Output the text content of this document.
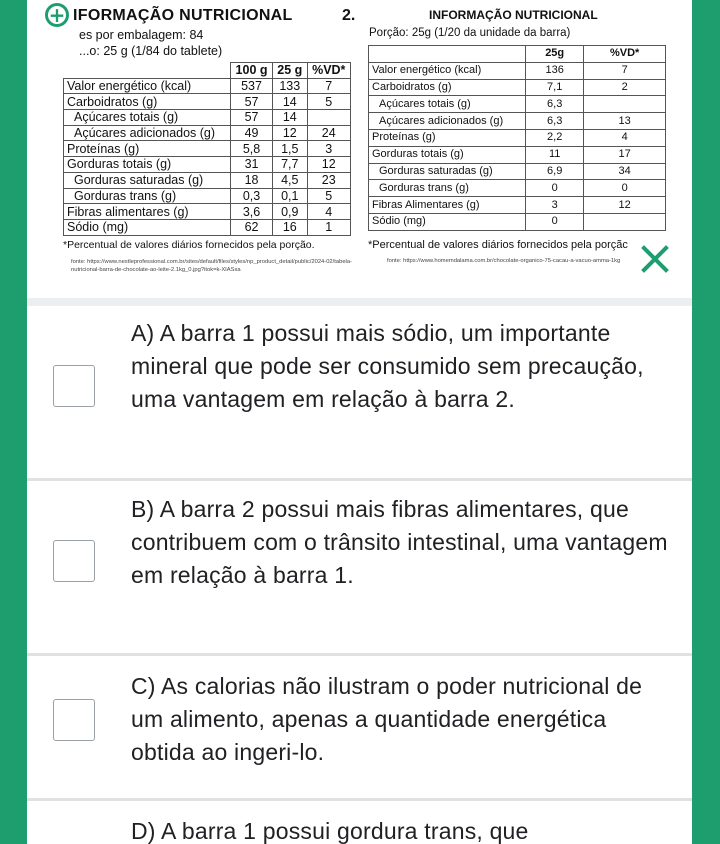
+ IFORMAÇÃO NUTRICIONAL
es por embalagem: 84
...o: 25 g (1/84 do tablete)
	100 g	25 g	%VD*
Valor energético (kcal)	537	133	7
Carboidratos (g)	57	14	5
Açúcares totais (g)	57	14	
Açúcares adicionados (g)	49	12	24
Proteínas (g)	5,8	1,5	3
Gorduras totais (g)	31	7,7	12
Gorduras saturadas (g)	18	4,5	23
Gorduras trans (g)	0,3	0,1	5
Fibras alimentares (g)	3,6	0,9	4
Sódio (mg)	62	16	1
*Percentual de valores diários fornecidos pela porção.
fonte: https://www.nestleprofessional.com.br/sites/default/files/styles/np_product_detail/public/2024-02/tabela-nutricional-barra-de-chocolate-ao-leite-2.1kg_0.jpg?itok=k-XIASxa
2.	INFORMAÇÃO NUTRICIONAL
Porção: 25g (1/20 da unidade da barra)
	25g	%VD*
Valor energético (kcal)	136	7
Carboidratos (g)	7,1	2
Açúcares totais (g)	6,3	
Açúcares adicionados (g)	6,3	13
Proteínas (g)	2,2	4
Gorduras totais (g)	11	17
Gorduras saturadas (g)	6,9	34
Gorduras trans (g)	0	0
Fibras Alimentares (g)	3	12
Sódio (mg)	0	
*Percentual de valores diários fornecidos pela porçãc
fonte: https://www.homemdalama.com.br/chocolate-organico-75-cacau-a-vacuo-amma-1kg
A) A barra 1 possui mais sódio, um importante mineral que pode ser consumido sem precaução, uma vantagem em relação à barra 2.
B) A barra 2 possui mais fibras alimentares, que contribuem com o trânsito intestinal, uma vantagem em relação à barra 1.
C) As calorias não ilustram o poder nutricional de um alimento, apenas a quantidade energética obtida ao ingeri-lo.
D) A barra 1 possui gordura trans, que
